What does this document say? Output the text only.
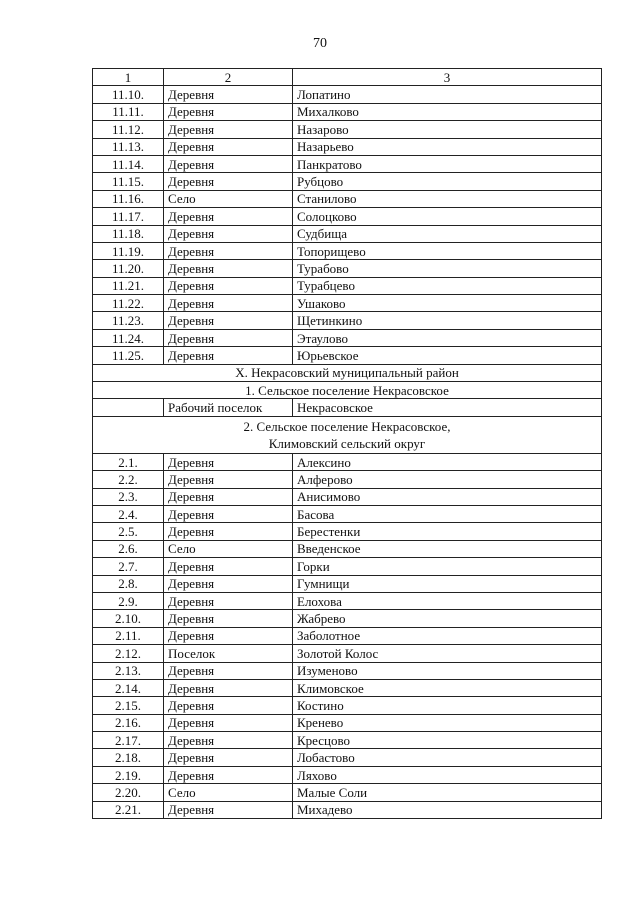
70
1	2	3
11.10.	Деревня	Лопатино
11.11.	Деревня	Михалково
11.12.	Деревня	Назарово
11.13.	Деревня	Назарьево
11.14.	Деревня	Панкратово
11.15.	Деревня	Рубцово
11.16.	Село	Станилово
11.17.	Деревня	Солоцково
11.18.	Деревня	Судбища
11.19.	Деревня	Топорищево
11.20.	Деревня	Турабово
11.21.	Деревня	Турабцево
11.22.	Деревня	Ушаково
11.23.	Деревня	Щетинкино
11.24.	Деревня	Этаулово
11.25.	Деревня	Юрьевское
X. Некрасовский муниципальный район		
1. Сельское поселение Некрасовское		
	Рабочий поселок	Некрасовское
2. Сельское поселение Некрасовское,
Климовский сельский округ		
2.1.	Деревня	Алексино
2.2.	Деревня	Алферово
2.3.	Деревня	Анисимово
2.4.	Деревня	Басова
2.5.	Деревня	Берестенки
2.6.	Село	Введенское
2.7.	Деревня	Горки
2.8.	Деревня	Гумнищи
2.9.	Деревня	Елохова
2.10.	Деревня	Жабрево
2.11.	Деревня	Заболотное
2.12.	Поселок	Золотой Колос
2.13.	Деревня	Изуменово
2.14.	Деревня	Климовское
2.15.	Деревня	Костино
2.16.	Деревня	Кренево
2.17.	Деревня	Кресцово
2.18.	Деревня	Лобастово
2.19.	Деревня	Ляхово
2.20.	Село	Малые Соли
2.21.	Деревня	Михадево
